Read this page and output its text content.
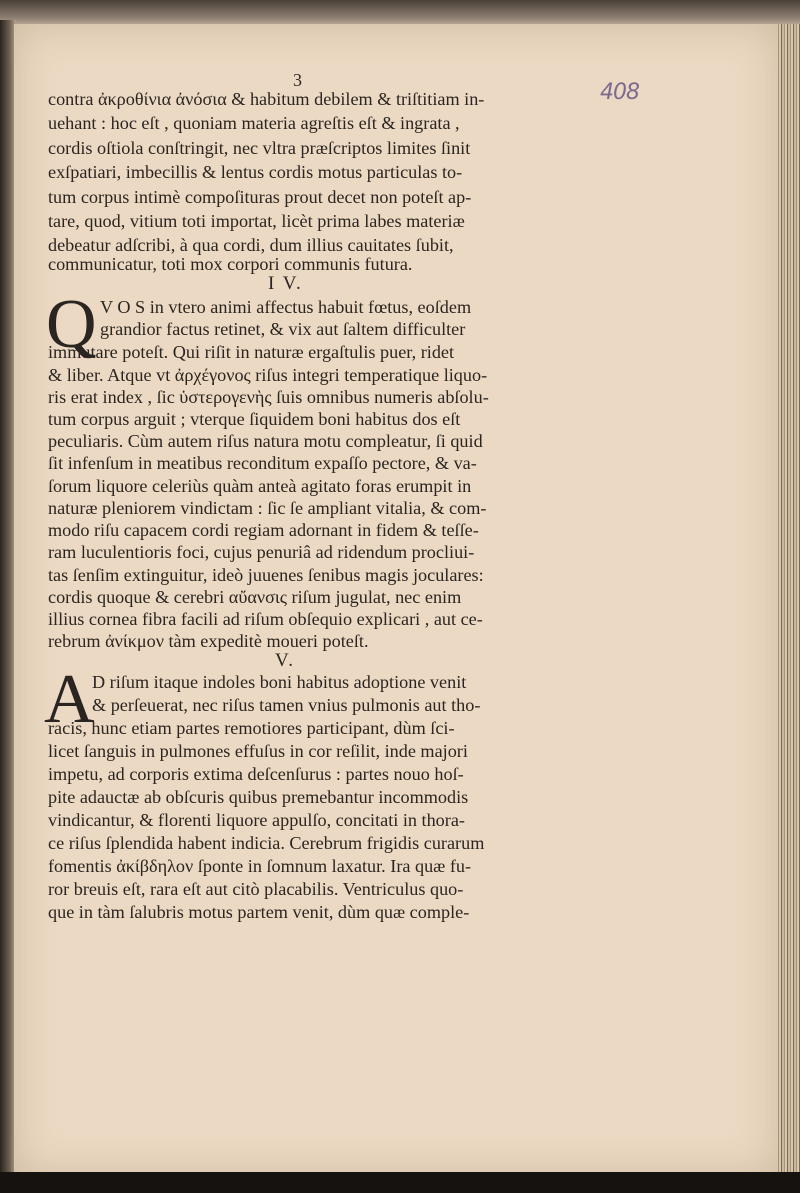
3	408
contra ἀκροθίνια ἀνόσια & habitum debilem & triſtitiam in-
uehant : hoc eſt , quoniam materia agreſtis eſt & ingrata ,
cordis oſtiola conſtringit, nec vltra præſcriptos limites ſinit
exſpatiari, imbecillis & lentus cordis motus particulas to-
tum corpus intimè compoſituras prout decet non poteſt ap-
tare, quod, vitium toti importat, licèt prima labes materiæ
debeatur adſcribi, à qua cordi, dum illius cauitates ſubit,
communicatur, toti mox corpori communis futura.
I V.
Q V O S in vtero animi affectus habuit fœtus, eoſdem
grandior factus retinet, & vix aut ſaltem difficulter
immutare poteſt. Qui riſit in naturæ ergaſtulis puer, ridet
& liber. Atque vt ἀρχέγονος riſus integri temperatique liquo-
ris erat index , ſic ὑστερογενὴς ſuis omnibus numeris abſolu-
tum corpus arguit ; vterque ſiquidem boni habitus dos eſt
peculiaris. Cùm autem riſus natura motu compleatur, ſi quid
ſit infenſum in meatibus reconditum expaſſo pectore, & va-
ſorum liquore celeriùs quàm anteà agitato foras erumpit in
naturæ pleniorem vindictam : ſic ſe ampliant vitalia, & com-
modo riſu capacem cordi regiam adornant in fidem & teſſe-
ram luculentioris foci, cujus penuriâ ad ridendum procliui-
tas ſenſim extinguitur, ideò juuenes ſenibus magis joculares:
cordis quoque & cerebri αὔανσις riſum jugulat, nec enim
illius cornea fibra facili ad riſum obſequio explicari , aut ce-
rebrum ἀνίκμον tàm expeditè moueri poteſt.
V.
A
D riſum itaque indoles boni habitus adoptione venit
& perſeuerat, nec riſus tamen vnius pulmonis aut tho-
racis, hunc etiam partes remotiores participant, dùm ſci-
licet ſanguis in pulmones effuſus in cor reſilit, inde majori
impetu, ad corporis extima deſcenſurus : partes nouo hoſ-
pite adauctæ ab obſcuris quibus premebantur incommodis
vindicantur, & florenti liquore appulſo, concitati in thora-
ce riſus ſplendida habent indicia. Cerebrum frigidis curarum
fomentis ἀκίβδηλον ſponte in ſomnum laxatur. Ira quæ fu-
ror breuis eſt, rara eſt aut citò placabilis. Ventriculus quo-
que in tàm ſalubris motus partem venit, dùm quæ comple-
